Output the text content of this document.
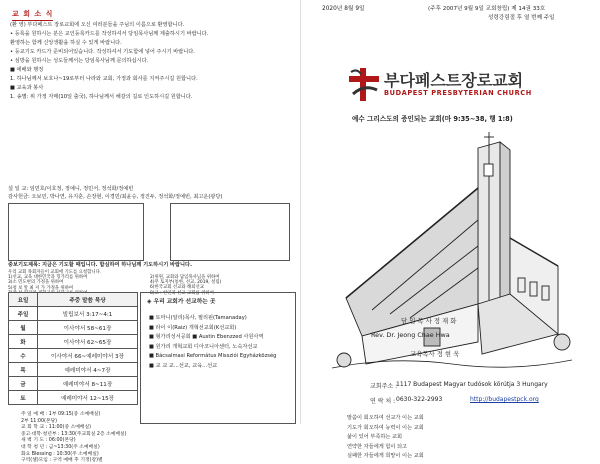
교 회 소 식
(환 영) 부다페스트 장로교회에 오신 여러분들을 주님의 이름으로 환영합니다.
• 등록을 원하시는 분은 교인등록카드를 작성하셔서 당임목사님께 제출하시기 바랍니다.
환영하는 함께 신앙생활을 하실 수 있게 바랍니다.
• 등교기도 카드가 준비되어있습니다. 작성하셔서 기도함에 넣어 주시기 바랍니다.
• 심방을 원하시는 성도들께서는 당임목사님께 문의하십시다.
■ 에배와 행정
1. 하나님께서 보호나~19로부터 나라와 교회, 가정과 회사를 지켜주시길 원합니다.
■ 교육과 봉사
1. 송별: 위 가정 자매(10일 출국), 하나님께서 해갈의 길로 인도하시길 원합니다.
설 일 교: 임민호/이호정, 정예니, 정민서, 정석화/정예빈
감사헌금: 오보민, 박나연, 유지훈, 손장현, 이경민/최윤승, 정진두, 정석화/정예빈, 최고운(광당)
주 일 예 배 : 1부 09:15(중 소예배실)
2부 11:00(본당)
교 회 학 교 : 11:00(중 소예배실)
중고·대학·청년부 : 13:30(주교회실 2층 소예배실)
새 벽 기 도 : 06:00(본당)
대 학 청 년 : 금~13:30(주 소예배실)
화요 Blessing : 10:30(주 소예배실)
구역(셀)모임 : 구역 예배 후 기정(장)별
말씀이 회오하여 선교가 이는 교회
기도가 회오하여 능력이 이는 교회
삶이 있어 부족하는 교회
연약한 자들에게 힘이 되고
실패한 자들에게 희망이 이는 교회
중보기도제목: 지금은 기도할 때입니다. 합심하여 하나님께 기도하시기 바랍니다.
우리 교회 목회자들이 교회에 기도를 요청합니다.
1)선교, 교육 대한민국과 헝가리를 위하여
3)소 민도현의 가정을 위하여
5)청 보 알 최 저 가 가정을 위하여
2)위원, 교회와 담임목사님을 위하여
4)무 토지부(통한, 선교, 2019, 설립)
6)한국교회 선교와 해외선교
8)교 : 한인과 선교 교회를 위하여
요일	주중 말씀 묵상
주일	빌립보서 3:17~4:1
월	이사야서 58~61장
화	이사야서 62~65장
수	이사야서 66~예레미야서 3장
목	예레미야서 4~7장
금	예레미야서 8~11장
토	예레미야서 12~15장
◈ 우리 교회가 선교하는 곳
■ 토마니(알리)목사, 필리핀(Tamanaday)
■ 라이 이(Raiz) 개혁선교회(K선교회)
■ 형가리성서공회 ■ Austin Ebenzzed 사원사역
■ 원가리 개혁교회 디아코니아센터, 노숙자선교
■ Bácsalmasi Református Missziói Egyházközség
■ 교 교 교...선교, 교육...선교
2020년 8월 9일	(주후 2007년 9월 9일 교회창립) 제 14권 33호
성령강림절 후 열 번째 주일
부다페스트장로교회
BUDAPEST PRESBYTERIAN CHURCH
예수 그리스도의 증인되는 교회(마 9:35~38, 행 1:8)
담 임 목 사 정 재 화
Rev. Dr. Jeong Chae Hwa
교육목사 정 현 욱
교회주소 :
1117 Budapest Magyar tudósok körútja 3 Hungary
연 락 처 : 0630-322-2993	http://budapestpck.org
